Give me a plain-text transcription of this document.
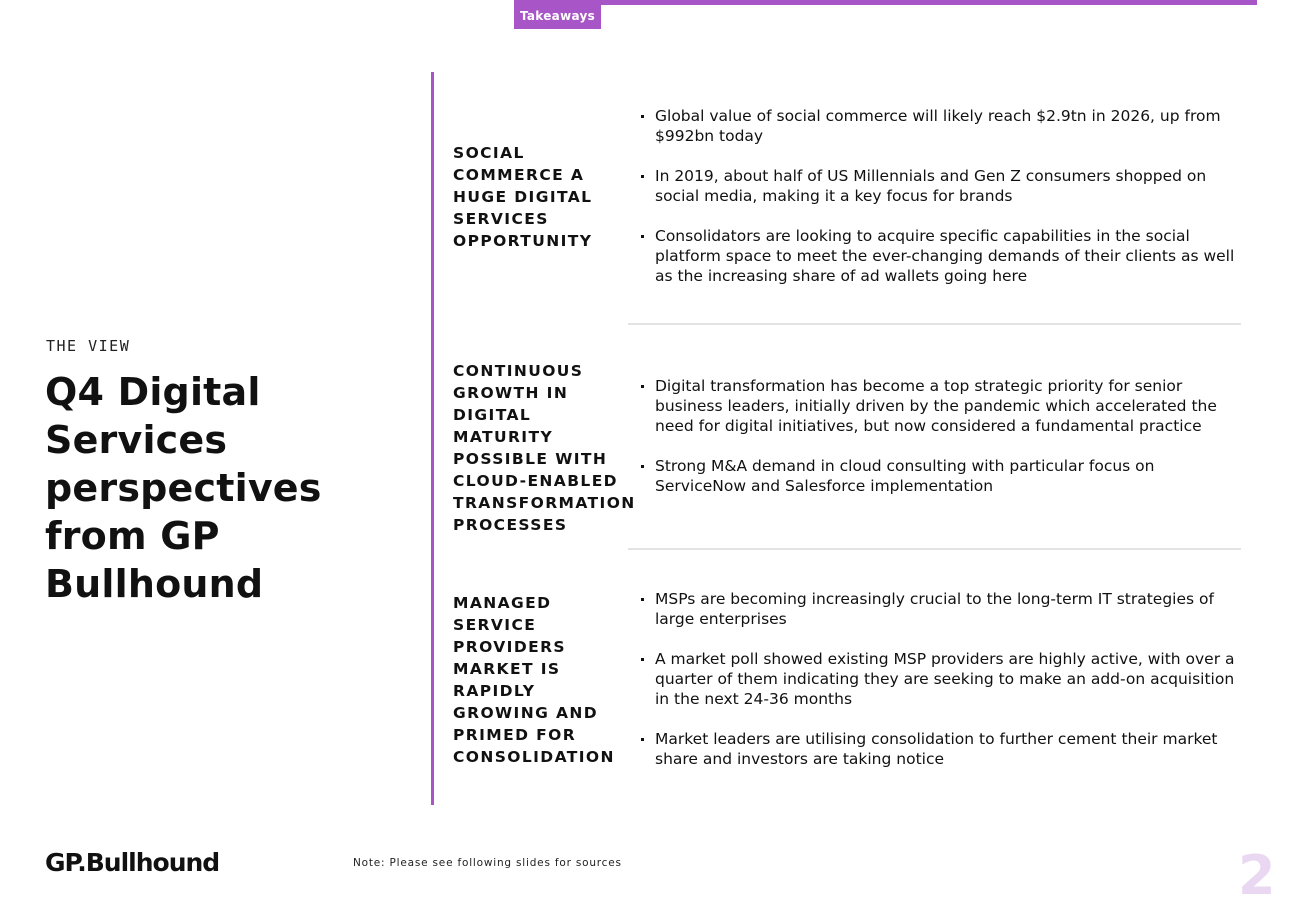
Takeaways
THE VIEW
Q4 Digital Services perspectives from GP Bullhound
SOCIAL COMMERCE A HUGE DIGITAL SERVICES OPPORTUNITY
Global value of social commerce will likely reach $2.9tn in 2026, up from $992bn today
In 2019, about half of US Millennials and Gen Z consumers shopped on social media, making it a key focus for brands
Consolidators are looking to acquire specific capabilities in the social platform space to meet the ever-changing demands of their clients as well as the increasing share of ad wallets going here
CONTINUOUS GROWTH IN DIGITAL MATURITY POSSIBLE WITH CLOUD-ENABLED TRANSFORMATION PROCESSES
Digital transformation has become a top strategic priority for senior business leaders, initially driven by the pandemic which accelerated the need for digital initiatives, but now considered a fundamental practice
Strong M&A demand in cloud consulting with particular focus on ServiceNow and Salesforce implementation
MANAGED SERVICE PROVIDERS MARKET IS RAPIDLY GROWING AND PRIMED FOR CONSOLIDATION
MSPs are becoming increasingly crucial to the long-term IT strategies of large enterprises
A market poll showed existing MSP providers are highly active, with over a quarter of them indicating they are seeking to make an add-on acquisition in the next 24-36 months
Market leaders are utilising consolidation to further cement their market share and investors are taking notice
GP.Bullhound	Note: Please see following slides for sources	2
